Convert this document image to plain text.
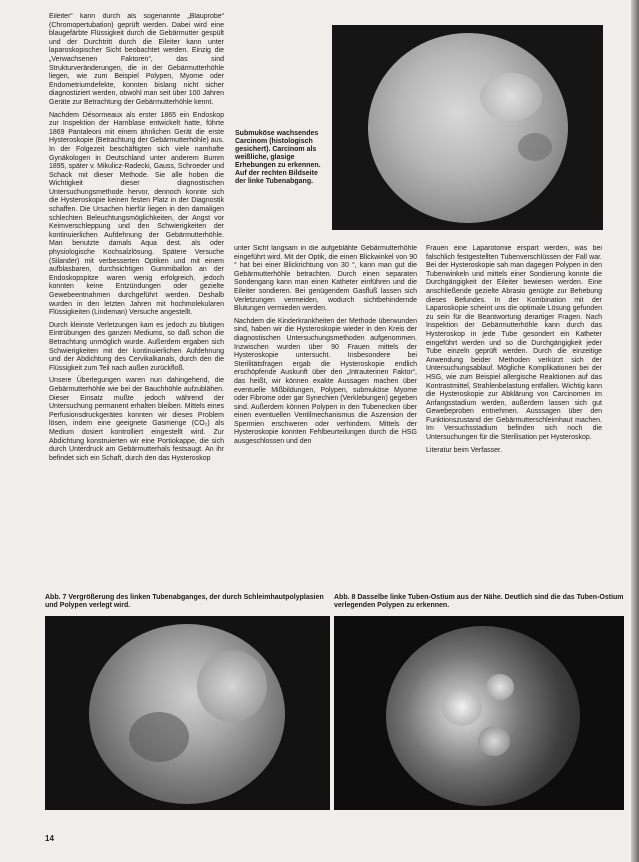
Eileiter“ kann durch als sogenannte „Blauprobe“ (Chromopertubation) geprüft werden. Dabei wird eine blaugefärbte Flüssigkeit durch die Gebärmutter gespült und der Durchtritt durch die Eileiter kann unter laparoskopischer Sicht beobachtet werden. Einzig die „Verwachsenen Faktoren“, das sind Strukturveränderungen, die in der Gebärmutterhöhle liegen, wie zum Beispiel Polypen, Myome oder Endometriumdefekte, konnten bislang nicht sicher diagnostiziert werden, obwohl man seit über 100 Jahren Geräte zur Betrachtung der Gebärmutterhöhle kennt.

Nachdem Désormeaux als erster 1865 ein Endoskop zur Inspektion der Harnblase entwickelt hatte, führte 1869 Pantaleoni mit einem ähnlichen Gerät die erste Hysteroskopie (Betrachtung der Gebärmutterhöhle) aus. In der Folgezeit beschäftigten sich viele namhafte Gynäkologen in Deutschland unter anderem Bumm 1895, später v. Mikulicz-Radecki, Gauss, Schroeder und Schack mit dieser Methode. Sie alle hoben die Wichtigkeit dieser diagnostischen Untersuchungsmethode hervor, dennoch konnte sich die Hysteroskopie keinen festen Platz in der Diagnostik schaffen. Die Ursachen hierfür liegen in den damaligen schlechten Beleuchtungsmöglichkeiten, der Angst vor Keimverschleppung und den Schwierigkeiten der kontinuierlichen Aufdehnung der Gebärmutterhöhle. Man benutzte damals Aqua dest. als oder physiologische Kochsalzlösung. Spätere Versuche (Silander) mit verbesserten Optiken und mit einem aufblasbaren, durchsichtigen Gummiballon an der Endoskopspitze waren wenig erfolgreich, jedoch konnten keine Entzündungen oder gezielte Gewebeentnahmen durchgeführt werden. Deshalb wurden in den letzten Jahren mit hochmolekularen Flüssigkeiten (Lindeman) Versuche angestellt.

Durch kleinste Verletzungen kam es jedoch zu blutigen Eintrübungen des ganzen Mediums, so daß schon die Betrachtung unmöglich wurde. Außerdem ergaben sich Schwierigkeiten mit der kontinuierlichen Aufdehnung und der Abdichtung des Cervikalkanals, durch den die Flüssigkeit zum Teil nach außen zurückfloß.

Unsere Überlegungen waren nun dahingehend, die Gebärmutterhöhle wie bei der Bauchhöhle aufzublähen. Dieser Einsatz mußte jedoch während der Untersuchung permanent erhalten bleiben. Mittels eines Perfusionsdruckgerätes konnten wir dieses Problem lösen, indem eine geeignete Gasmenge (CO₂) als Medium dosiert kontrolliert eingestellt wird. Zur Abdichtung konstruierten wir eine Portiokappe, die sich durch Unterdruck am Gebärmutterhals festsaugt. An ihr befindet sich ein Schaft, durch den das Hysteroskop

Submuköse wachsendes Carcinom (histologisch gesichert). Carcinom als weißliche, glasige Erhebungen zu erkennen. Auf der rechten Bildseite der linke Tubenabgang.

unter Sicht langsam in die aufgeblähte Gebärmutterhöhle eingeführt wird. Mit der Optik, die einen Blickwinkel von 90 ° hat bei einer Blickrichtung von 30 °, kann man gut die Gebärmutterhöhle betrachten. Durch einen separaten Sondengang kann man einen Katheter einführen und die Eileiter sondieren. Bei genügendem Gasfluß lassen sich Verletzungen vermeiden, wodurch sichtbehindernde Blutungen vermieden werden.

Nachdem die Kinderkrankheiten der Methode überwunden sind, haben wir die Hysteroskopie wieder in den Kreis der diagnostischen Untersuchungsmethoden aufgenommen. Inzwischen wurden über 90 Frauen mittels der Hysteroskopie untersucht. Insbesondere bei Sterilitätsfragen ergab die Hysteroskopie endlich erschöpfende Auskunft über den „Intrauterinen Faktor“, das heißt, wir können exakte Aussagen machen über eventuelle Mißbildungen, Polypen, submuköse Myome oder Fibrome oder gar Synechien (Verklebungen) gegeben sind. Außerdem können Polypen in den Tubenecken über einen eventuellen Ventilmechanismus die Aszension der Spermien erschweren oder verhindern. Mittels der Hysteroskopie konnten Fehlbeurteilungen durch die HSG ausgeschlossen und den

Frauen eine Laparotomie erspart werden, was bei falschlich festgestellten Tubenverschlüssen der Fall war. Bei der Hysteroskopie sah man dagegen Polypen in den Tubenwinkeln und mittels einer Sondierung konnte die Durchgängigkeit der Eileiter bewiesen werden. Eine anschließende gezielte Abrasio genügte zur Behebung dieses Befundes. In der Kombination mit der Laparoskopie scheint uns die optimale Lösung gefunden zu sein für die Beantwortung derartiger Fragen. Nach Inspektion der Gebärmutterhöhle kann durch das Hysteroskop in jede Tube gesondert ein Katheter eingeführt werden und so die Durchgängigkeit jeder Tube einzeln geprüft werden. Durch die einzeitige Anwendung beider Methoden verkürzt sich der Untersuchungsablauf. Mögliche Komplikationen bei der HSG, wie zum Beispiel allergische Reaktionen auf das Kontrastmittel, Strahlenbelastung entfallen. Wichtig kann die Hysteroskopie zur Abklärung von Carcinomen im Anfangsstadium werden, außerdem lassen sich gut Gewebeproben entnehmen. Ausssagen über den Funktionszustand der Gebärmutterschleimhaut machen. Im Versuchsstadium befinden sich noch die Untersuchungen für die Sterilisation per Hysteroskop.

Literatur beim Verfasser.

Abb. 7 Vergrößerung des linken Tubenabganges, der durch Schleimhautpolyplasien und Polypen verlegt wird.
Abb. 8 Dasselbe linke Tuben-Ostium aus der Nähe. Deutlich sind die das Tuben-Ostium verlegenden Polypen zu erkennen.
14
